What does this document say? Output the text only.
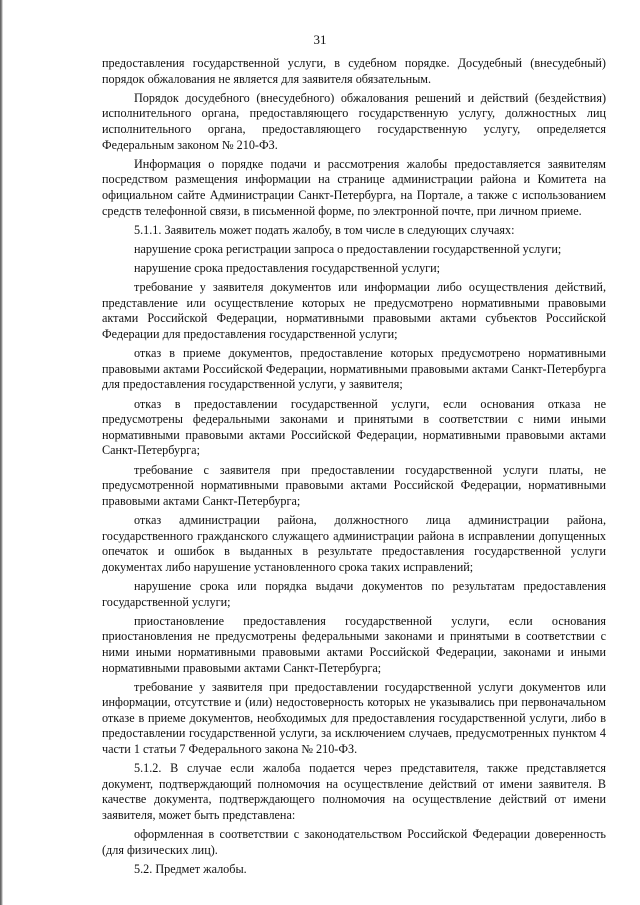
31

предоставления государственной услуги, в судебном порядке. Досудебный (внесудебный) порядок обжалования не является для заявителя обязательным.

Порядок досудебного (внесудебного) обжалования решений и действий (бездействия) исполнительного органа, предоставляющего государственную услугу, должностных лиц исполнительного органа, предоставляющего государственную услугу, определяется Федеральным законом № 210-ФЗ.

Информация о порядке подачи и рассмотрения жалобы предоставляется заявителям посредством размещения информации на странице администрации района и Комитета на официальном сайте Администрации Санкт-Петербурга, на Портале, а также с использованием средств телефонной связи, в письменной форме, по электронной почте, при личном приеме.

5.1.1. Заявитель может подать жалобу, в том числе в следующих случаях:

нарушение срока регистрации запроса о предоставлении государственной услуги;

нарушение срока предоставления государственной услуги;

требование у заявителя документов или информации либо осуществления действий, представление или осуществление которых не предусмотрено нормативными правовыми актами Российской Федерации, нормативными правовыми актами субъектов Российской Федерации для предоставления государственной услуги;

отказ в приеме документов, предоставление которых предусмотрено нормативными правовыми актами Российской Федерации, нормативными правовыми актами Санкт-Петербурга для предоставления государственной услуги, у заявителя;

отказ в предоставлении государственной услуги, если основания отказа не предусмотрены федеральными законами и принятыми в соответствии с ними иными нормативными правовыми актами Российской Федерации, нормативными правовыми актами Санкт-Петербурга;

требование с заявителя при предоставлении государственной услуги платы, не предусмотренной нормативными правовыми актами Российской Федерации, нормативными правовыми актами Санкт-Петербурга;

отказ администрации района, должностного лица администрации района, государственного гражданского служащего администрации района в исправлении допущенных опечаток и ошибок в выданных в результате предоставления государственной услуги документах либо нарушение установленного срока таких исправлений;

нарушение срока или порядка выдачи документов по результатам предоставления государственной услуги;

приостановление предоставления государственной услуги, если основания приостановления не предусмотрены федеральными законами и принятыми в соответствии с ними иными нормативными правовыми актами Российской Федерации, законами и иными нормативными правовыми актами Санкт-Петербурга;

требование у заявителя при предоставлении государственной услуги документов или информации, отсутствие и (или) недостоверность которых не указывались при первоначальном отказе в приеме документов, необходимых для предоставления государственной услуги, либо в предоставлении государственной услуги, за исключением случаев, предусмотренных пунктом 4 части 1 статьи 7 Федерального закона № 210-ФЗ.

5.1.2. В случае если жалоба подается через представителя, также представляется документ, подтверждающий полномочия на осуществление действий от имени заявителя. В качестве документа, подтверждающего полномочия на осуществление действий от имени заявителя, может быть представлена:

оформленная в соответствии с законодательством Российской Федерации доверенность (для физических лиц).

5.2. Предмет жалобы.
